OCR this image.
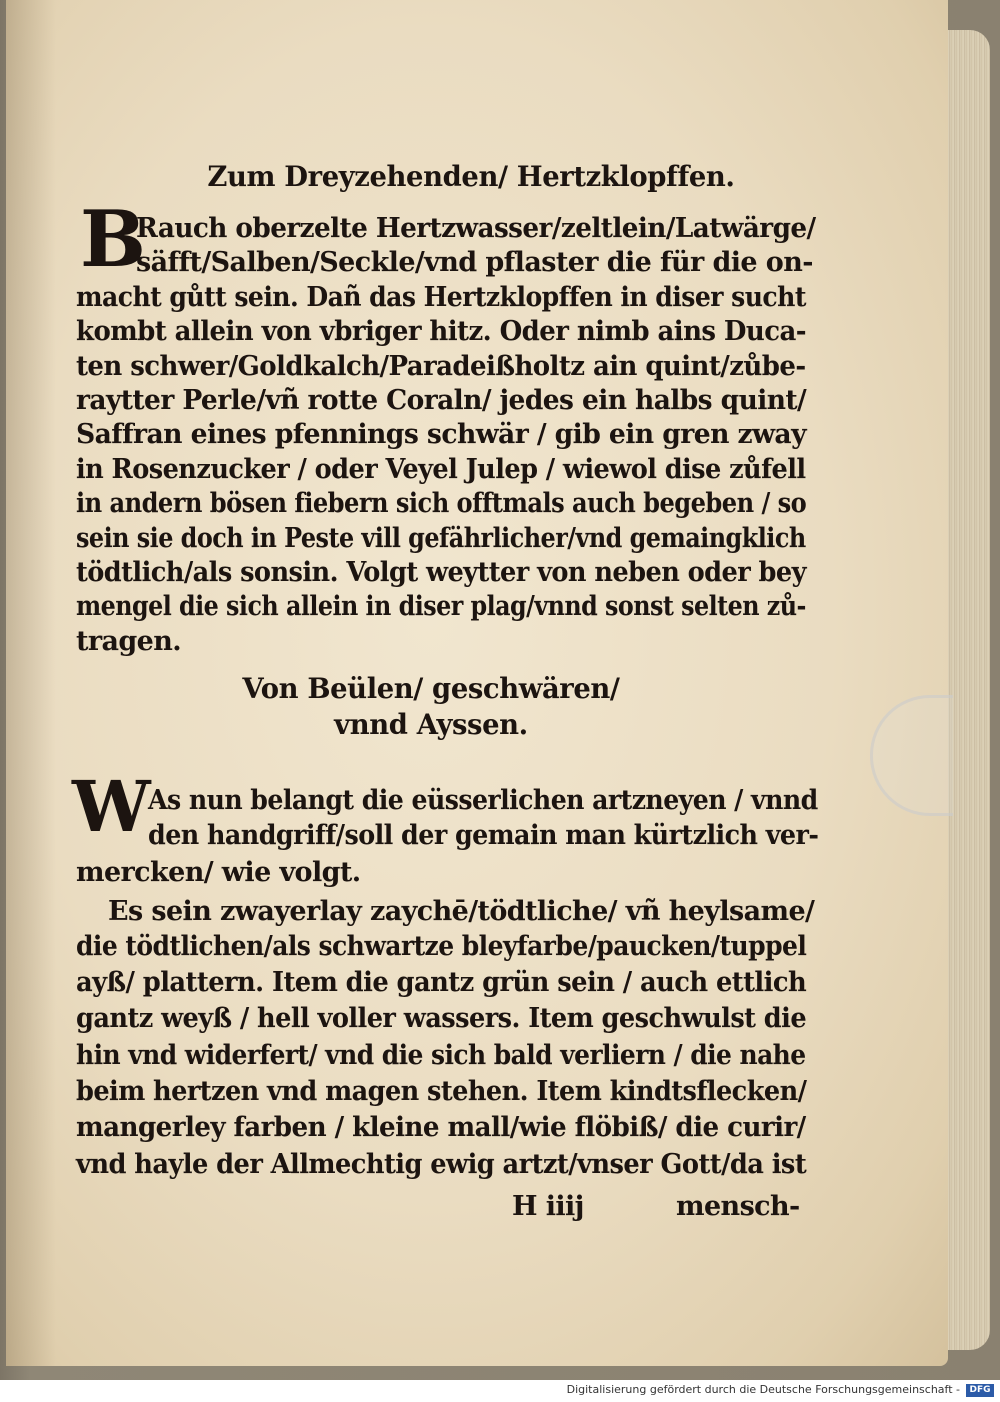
Zum Dreyzehenden/ Hertzklopffen.
B
Rauch oberzelte Hertzwasser/zeltlein/Latwärge/
säfft/Salben/Seckle/vnd pflaster die für die on-
macht gůtt sein. Dañ das Hertzklopffen in diser sucht
kombt allein von vbriger hitz. Oder nimb ains Duca-
ten schwer/Goldkalch/Paradeißholtz ain quint/zůbe-
raytter Perle/vñ rotte Coraln/ jedes ein halbs quint/
Saffran eines pfennings schwär / gib ein gren zway
in Rosenzucker / oder Veyel Julep / wiewol dise zůfell
in andern bösen fiebern sich offtmals auch begeben / so
sein sie doch in Peste vill gefährlicher/vnd gemaingklich
tödtlich/als sonsin. Volgt weytter von neben oder bey
mengel die sich allein in diser plag/vnnd sonst selten zů-
tragen.
Von Beülen/ geschwären/
vnnd Ayssen.
W
As nun belangt die eüsserlichen artzneyen / vnnd
den handgriff/soll der gemain man kürtzlich ver-
mercken/ wie volgt.
Es sein zwayerlay zaychē/tödtliche/ vñ heylsame/
die tödtlichen/als schwartze bleyfarbe/paucken/tuppel
ayß/ plattern. Item die gantz grün sein / auch ettlich
gantz weyß / hell voller wassers. Item geschwulst die
hin vnd widerfert/ vnd die sich bald verliern / die nahe
beim hertzen vnd magen stehen. Item kindtsflecken/
mangerley farben / kleine mall/wie flöbiß/ die curir/
vnd hayle der Allmechtig ewig artzt/vnser Gott/da ist
H iiij	mensch-
Digitalisierung gefördert durch die Deutsche Forschungsgemeinschaft -	DFG
